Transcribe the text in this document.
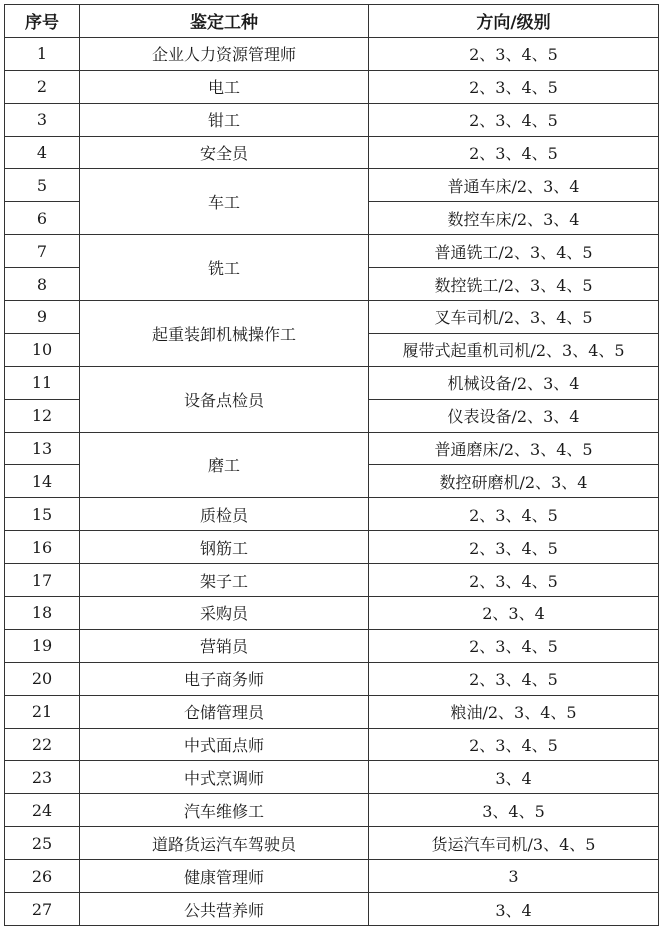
序号	鉴定工种	方向/级别
1	企业人力资源管理师	2、3、4、5
2	电工	2、3、4、5
3	钳工	2、3、4、5
4	安全员	2、3、4、5
5	车工	普通车床/2、3、4
6		数控车床/2、3、4
7	铣工	普通铣工/2、3、4、5
8		数控铣工/2、3、4、5
9	起重装卸机械操作工	叉车司机/2、3、4、5
10		履带式起重机司机/2、3、4、5
11	设备点检员	机械设备/2、3、4
12		仪表设备/2、3、4
13	磨工	普通磨床/2、3、4、5
14		数控研磨机/2、3、4
15	质检员	2、3、4、5
16	钢筋工	2、3、4、5
17	架子工	2、3、4、5
18	采购员	2、3、4
19	营销员	2、3、4、5
20	电子商务师	2、3、4、5
21	仓储管理员	粮油/2、3、4、5
22	中式面点师	2、3、4、5
23	中式烹调师	3、4
24	汽车维修工	3、4、5
25	道路货运汽车驾驶员	货运汽车司机/3、4、5
26	健康管理师	3
27	公共营养师	3、4
